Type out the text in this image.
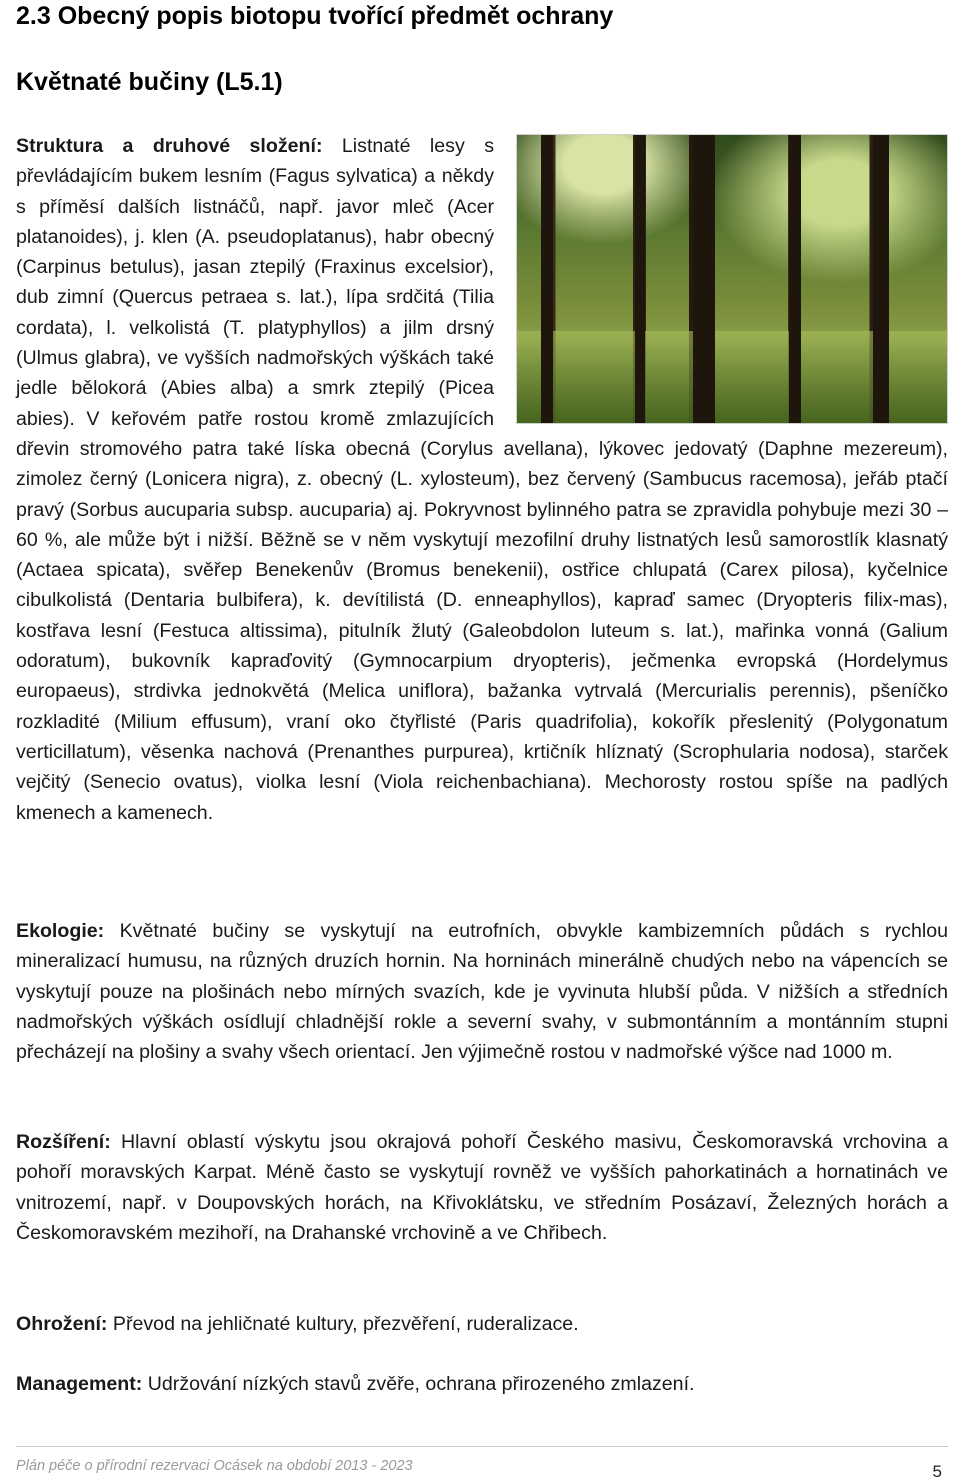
2.3 Obecný popis biotopu tvořící předmět ochrany
Květnaté bučiny (L5.1)
Struktura a druhové složení: Listnaté lesy s převládajícím bukem lesním (Fagus sylvatica) a někdy s příměsí dalších listnáčů, např. javor mleč (Acer platanoides), j. klen (A. pseudoplatanus), habr obecný (Carpinus betulus), jasan ztepilý (Fraxinus excelsior), dub zimní (Quercus petraea s. lat.), lípa srdčitá (Tilia cordata), l. velkolistá (T. platyphyllos) a jilm drsný (Ulmus glabra), ve vyšších nadmořských výškách také jedle bělokorá (Abies alba) a smrk ztepilý (Picea abies). V keřovém patře rostou kromě zmlazujících dřevin stromového patra také líska obecná (Corylus avellana), lýkovec jedovatý (Daphne mezereum), zimolez černý (Lonicera nigra), z. obecný (L. xylosteum), bez červený (Sambucus racemosa), jeřáb ptačí pravý (Sorbus aucuparia subsp. aucuparia) aj. Pokryvnost bylinného patra se zpravidla pohybuje mezi 30 – 60 %, ale může být i nižší. Běžně se v něm vyskytují mezofilní druhy listnatých lesů samorostlík klasnatý (Actaea spicata), svěřep Benekenův (Bromus benekenii), ostřice chlupatá (Carex pilosa), kyčelnice cibulkolistá (Dentaria bulbifera), k. devítilistá (D. enneaphyllos), kapraď samec (Dryopteris filix-mas), kostřava lesní (Festuca altissima), pitulník žlutý (Galeobdolon luteum s. lat.), mařinka vonná (Galium odoratum), bukovník kapraďovitý (Gymnocarpium dryopteris), ječmenka evropská (Hordelymus europaeus), strdivka jednokvětá (Melica uniflora), bažanka vytrvalá (Mercurialis perennis), pšeníčko rozkladité (Milium effusum), vraní oko čtyřlisté (Paris quadrifolia), kokořík přeslenitý (Polygonatum verticillatum), věsenka nachová (Prenanthes purpurea), krtičník hlíznatý (Scrophularia nodosa), starček vejčitý (Senecio ovatus), violka lesní (Viola reichenbachiana). Mechorosty rostou spíše na padlých kmenech a kamenech.
Ekologie: Květnaté bučiny se vyskytují na eutrofních, obvykle kambizemních půdách s rychlou mineralizací humusu, na různých druzích hornin. Na horninách minerálně chudých nebo na vápencích se vyskytují pouze na plošinách nebo mírných svazích, kde je vyvinuta hlubší půda. V nižších a středních nadmořských výškách osídlují chladnější rokle a severní svahy, v submontánním a montánním stupni přecházejí na plošiny a svahy všech orientací. Jen výjimečně rostou v nadmořské výšce nad 1000 m.
Rozšíření: Hlavní oblastí výskytu jsou okrajová pohoří Českého masivu, Českomoravská vrchovina a pohoří moravských Karpat. Méně často se vyskytují rovněž ve vyšších pahorkatinách a hornatinách ve vnitrozemí, např. v Doupovských horách, na Křivoklátsku, ve středním Posázaví, Železných horách a Českomoravském mezihoří, na Drahanské vrchovině a ve Chřibech.
Ohrožení: Převod na jehličnaté kultury, přezvěření, ruderalizace.
Management: Udržování nízkých stavů zvěře, ochrana přirozeného zmlazení.
Plán péče o přírodní rezervaci Ocásek na období 2013 - 2023	5
